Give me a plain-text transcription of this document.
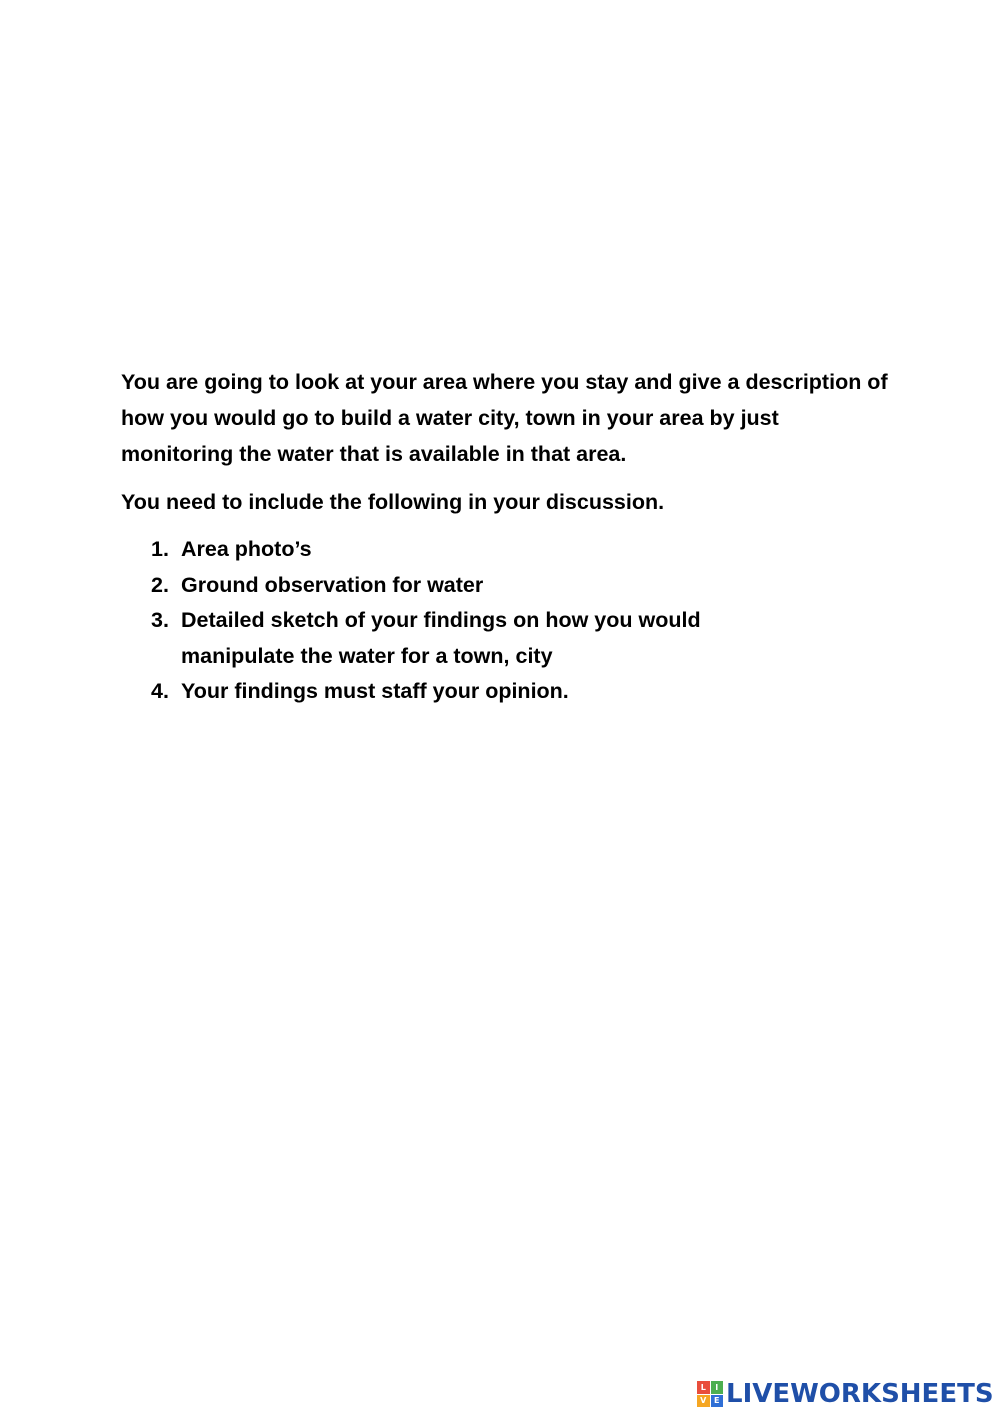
You are going to look at your area where you stay and give a description of how you would go to build a water city, town in your area by just monitoring the water that is available in that area.

You need to include the following in your discussion.

1. Area photo’s
2. Ground observation for water
3. Detailed sketch of your findings on how you would manipulate the water for a town, city
4. Your findings must staff your opinion.
L	I
V E LIVEWORKSHEETS
